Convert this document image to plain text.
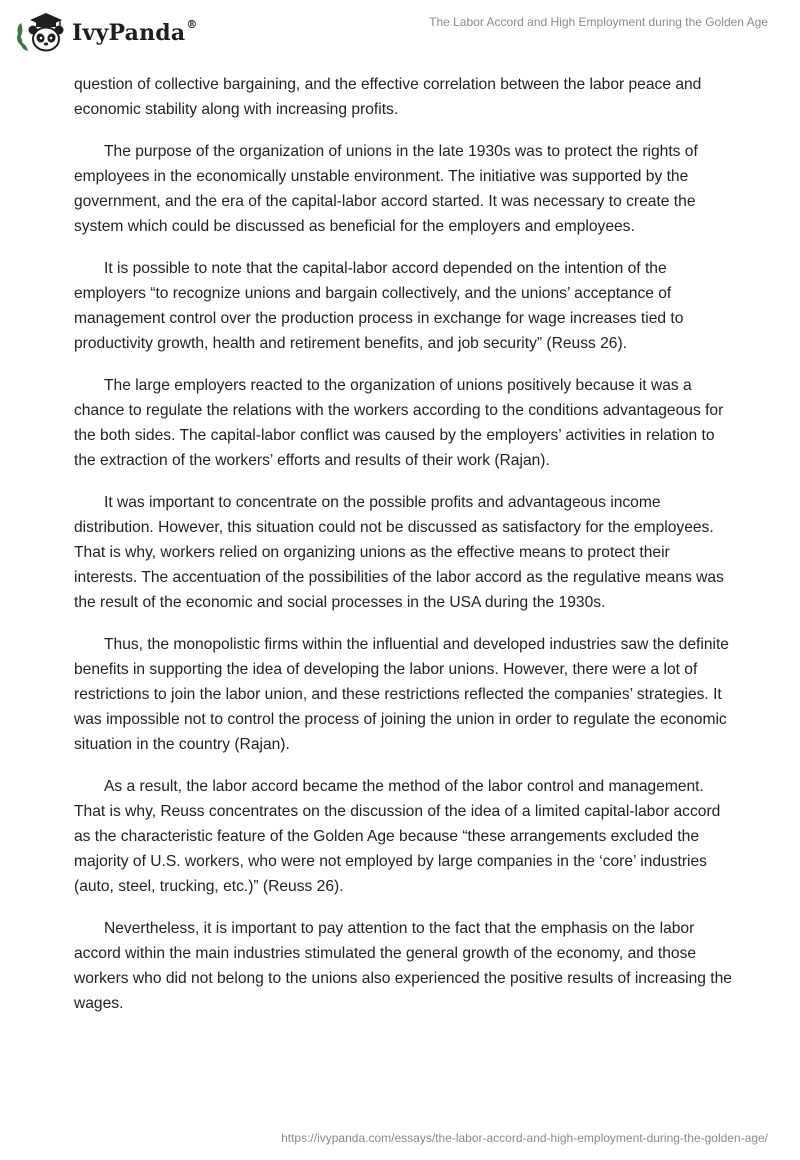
IvyPanda®	The Labor Accord and High Employment during the Golden Age

question of collective bargaining, and the effective correlation between the labor peace and economic stability along with increasing profits.

The purpose of the organization of unions in the late 1930s was to protect the rights of employees in the economically unstable environment. The initiative was supported by the government, and the era of the capital-labor accord started. It was necessary to create the system which could be discussed as beneficial for the employers and employees.

It is possible to note that the capital-labor accord depended on the intention of the employers “to recognize unions and bargain collectively, and the unions’ acceptance of management control over the production process in exchange for wage increases tied to productivity growth, health and retirement benefits, and job security” (Reuss 26).

The large employers reacted to the organization of unions positively because it was a chance to regulate the relations with the workers according to the conditions advantageous for the both sides. The capital-labor conflict was caused by the employers’ activities in relation to the extraction of the workers’ efforts and results of their work (Rajan).

It was important to concentrate on the possible profits and advantageous income distribution. However, this situation could not be discussed as satisfactory for the employees. That is why, workers relied on organizing unions as the effective means to protect their interests. The accentuation of the possibilities of the labor accord as the regulative means was the result of the economic and social processes in the USA during the 1930s.

Thus, the monopolistic firms within the influential and developed industries saw the definite benefits in supporting the idea of developing the labor unions. However, there were a lot of restrictions to join the labor union, and these restrictions reflected the companies’ strategies. It was impossible not to control the process of joining the union in order to regulate the economic situation in the country (Rajan).

As a result, the labor accord became the method of the labor control and management. That is why, Reuss concentrates on the discussion of the idea of a limited capital-labor accord as the characteristic feature of the Golden Age because “these arrangements excluded the majority of U.S. workers, who were not employed by large companies in the ‘core’ industries (auto, steel, trucking, etc.)” (Reuss 26).

Nevertheless, it is important to pay attention to the fact that the emphasis on the labor accord within the main industries stimulated the general growth of the economy, and those workers who did not belong to the unions also experienced the positive results of increasing the wages.

https://ivypanda.com/essays/the-labor-accord-and-high-employment-during-the-golden-age/
